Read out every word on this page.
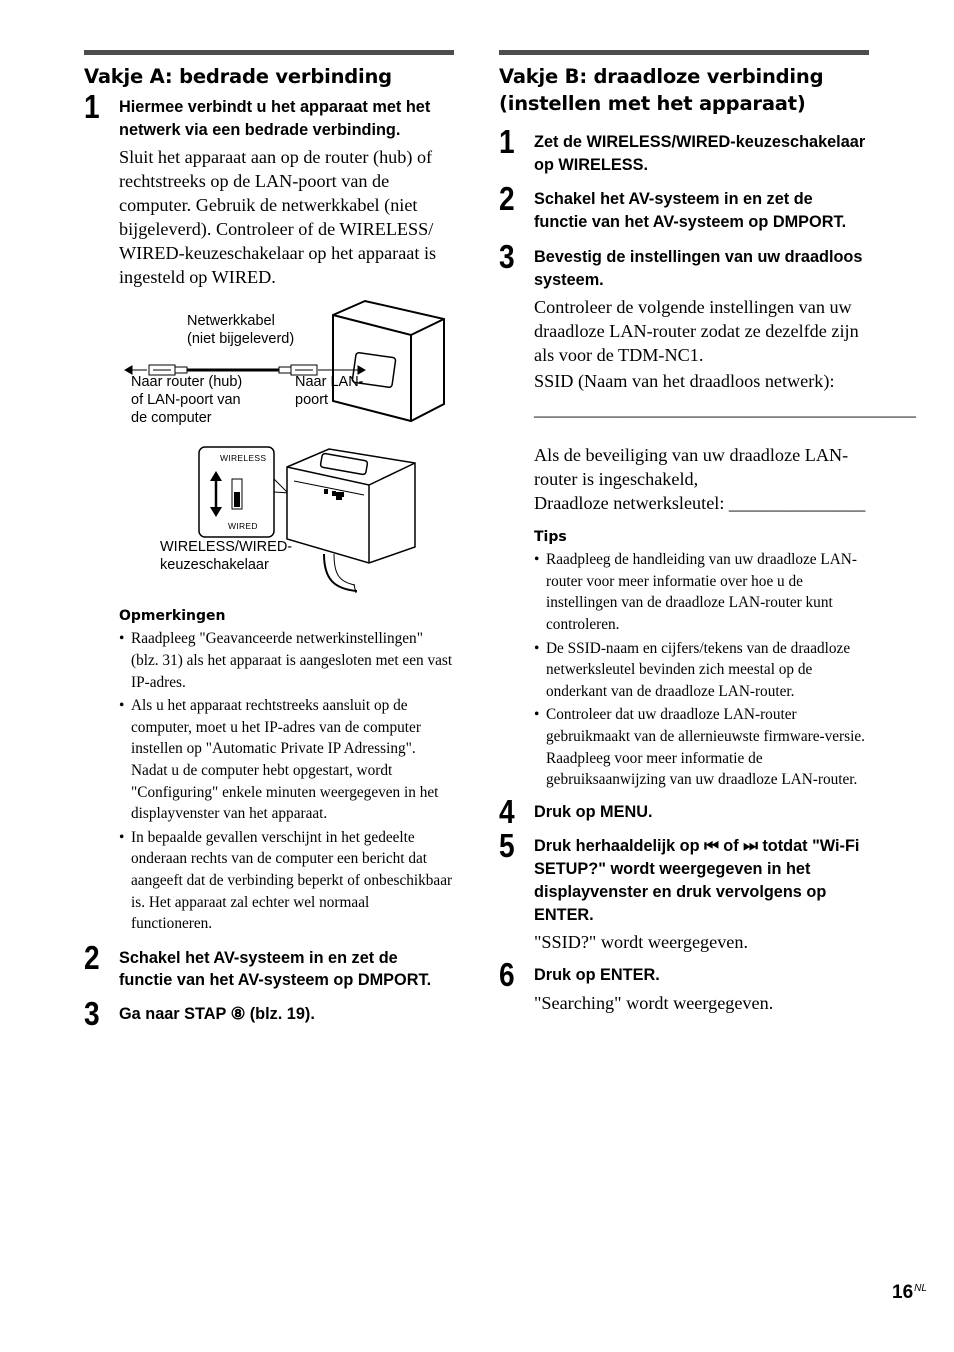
Vakje A: bedrade verbinding
1 Hiermee verbindt u het apparaat met het netwerk via een bedrade verbinding.
Sluit het apparaat aan op de router (hub) of rechtstreeks op de LAN-poort van de computer. Gebruik de netwerkkabel (niet bijgeleverd). Controleer of de WIRELESS/ WIRED-keuzeschakelaar op het apparaat is ingesteld op WIRED.
Netwerkkabel
(niet bijgeleverd)
Naar router (hub)
of LAN-poort van
de computer
Naar LAN-
poort
WIRELESS
WIRED
WIRELESS/WIRED-
keuzeschakelaar
Opmerkingen
• Raadpleeg "Geavanceerde netwerkinstellingen" (blz. 31) als het apparaat is aangesloten met een vast IP-adres.
• Als u het apparaat rechtstreeks aansluit op de computer, moet u het IP-adres van de computer instellen op "Automatic Private IP Adressing". Nadat u de computer hebt opgestart, wordt "Configuring" enkele minuten weergegeven in het displayvenster van het apparaat.
• In bepaalde gevallen verschijnt in het gedeelte onderaan rechts van de computer een bericht dat aangeeft dat de verbinding beperkt of onbeschikbaar is. Het apparaat zal echter wel normaal functioneren.
2 Schakel het AV-systeem in en zet de functie van het AV-systeem op DMPORT.
3 Ga naar STAP ⑧ (blz. 19).
Vakje B: draadloze verbinding (instellen met het apparaat)
1 Zet de WIRELESS/WIRED-keuzeschakelaar op WIRELESS.
2 Schakel het AV-systeem in en zet de functie van het AV-systeem op DMPORT.
3 Bevestig de instellingen van uw draadloos systeem.
Controleer de volgende instellingen van uw draadloze LAN-router zodat ze dezelfde zijn als voor de TDM-NC1.
SSID (Naam van het draadloos netwerk):
__________________________________________
Als de beveiliging van uw draadloze LAN-router is ingeschakeld,
Draadloze netwerksleutel: _______________
Tips
• Raadpleeg de handleiding van uw draadloze LAN-router voor meer informatie over hoe u de instellingen van de draadloze LAN-router kunt controleren.
• De SSID-naam en cijfers/tekens van de draadloze netwerksleutel bevinden zich meestal op de onderkant van de draadloze LAN-router.
• Controleer dat uw draadloze LAN-router gebruikmaakt van de allernieuwste firmware-versie. Raadpleeg voor meer informatie de gebruiksaanwijzing van uw draadloze LAN-router.
4 Druk op MENU.
5 Druk herhaaldelijk op ⏮ of ⏭ totdat "Wi-Fi SETUP?" wordt weergegeven in het displayvenster en druk vervolgens op ENTER.
"SSID?" wordt weergegeven.
6 Druk op ENTER.
"Searching" wordt weergegeven.
$16^{NL}$
